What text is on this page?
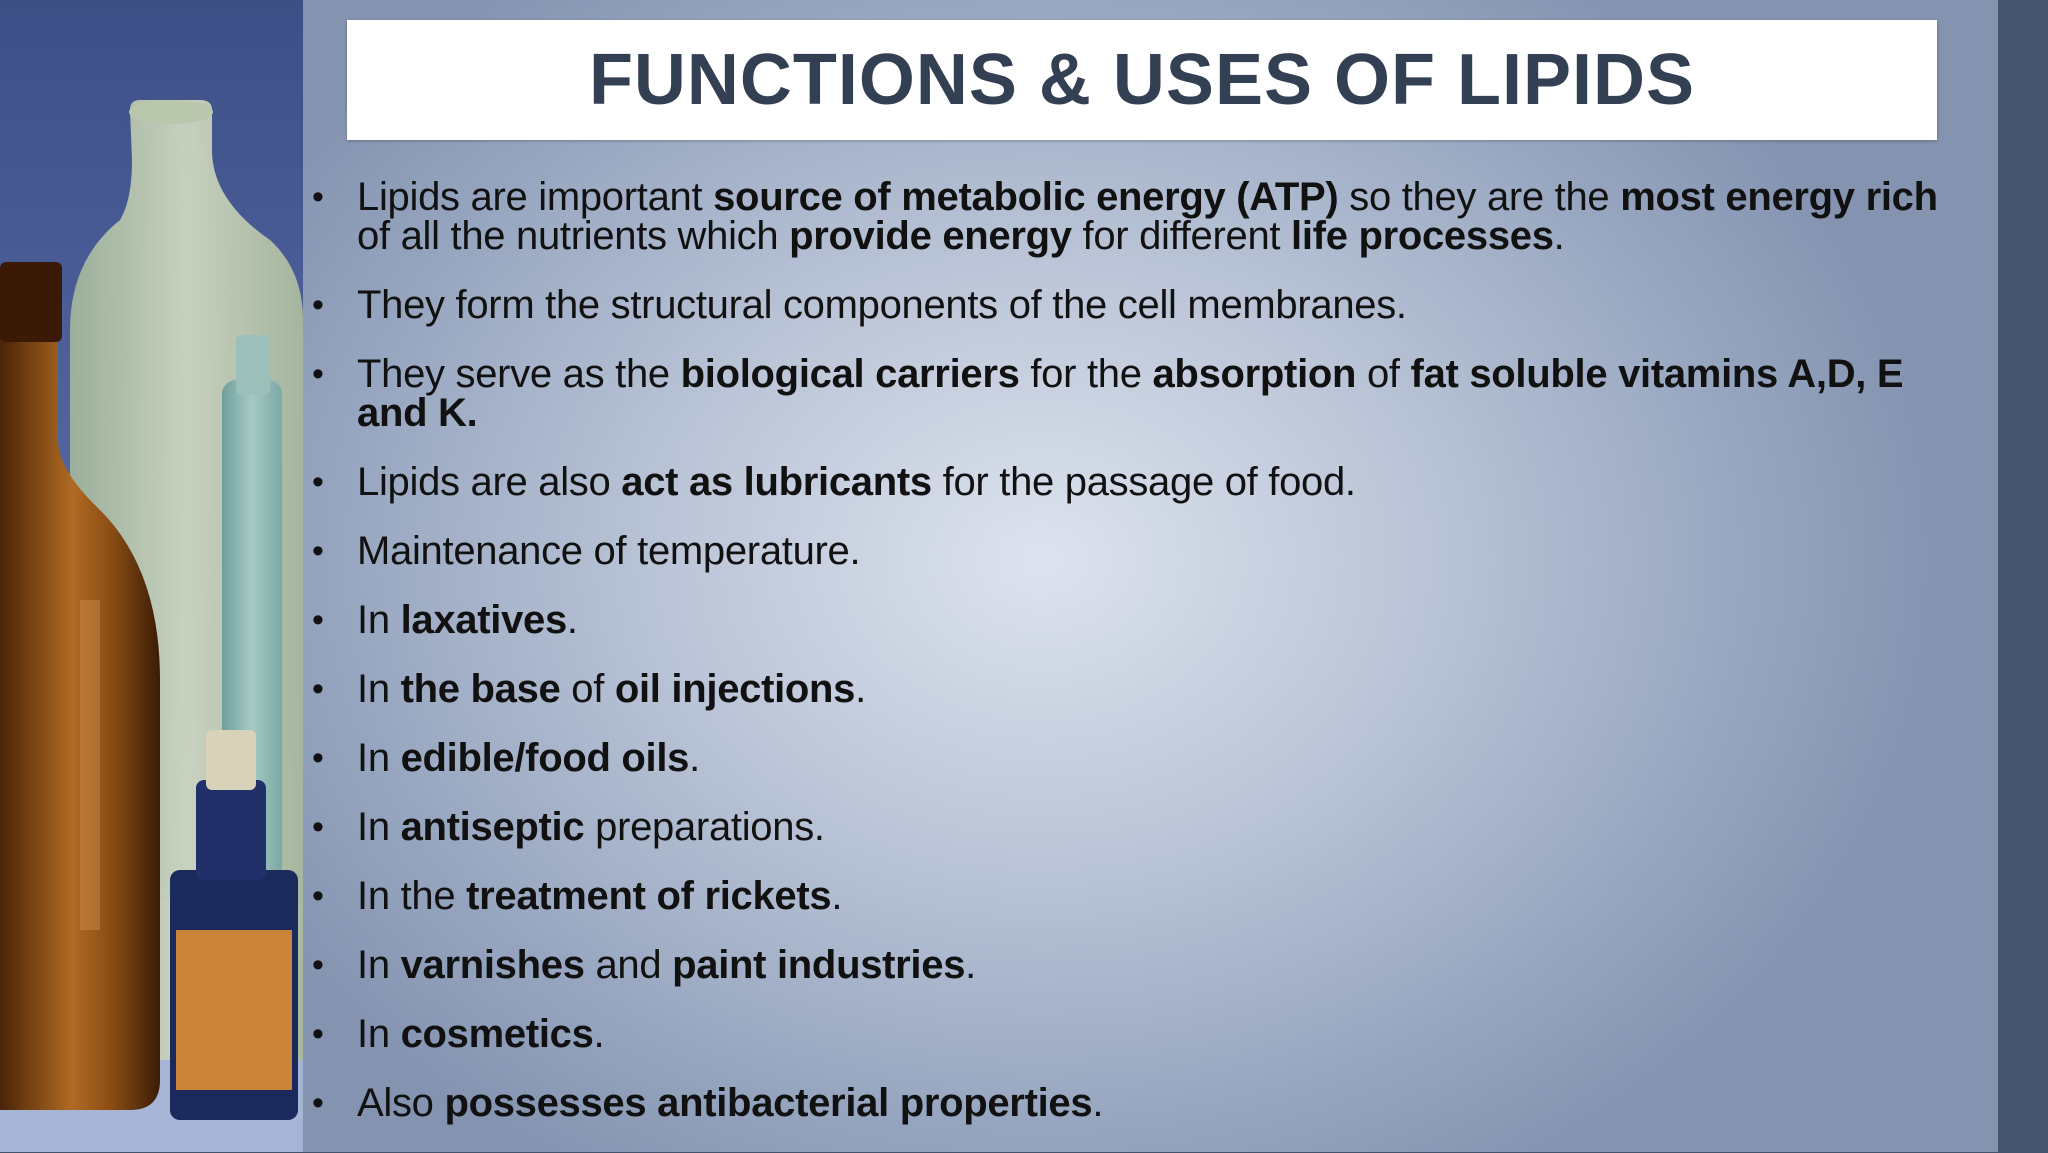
FUNCTIONS & USES OF LIPIDS
• Lipids are important source of metabolic energy (ATP) so they are the most energy rich of all the nutrients which provide energy for different life processes.
• They form the structural components of the cell membranes.
• They serve as the biological carriers for the absorption of fat soluble vitamins A,D, E and K.
• Lipids are also act as lubricants for the passage of food.
• Maintenance of temperature.
• In laxatives.
• In the base of oil injections.
• In edible/food oils.
• In antiseptic preparations.
• In the treatment of rickets.
• In varnishes and paint industries.
• In cosmetics.
• Also possesses antibacterial properties.
